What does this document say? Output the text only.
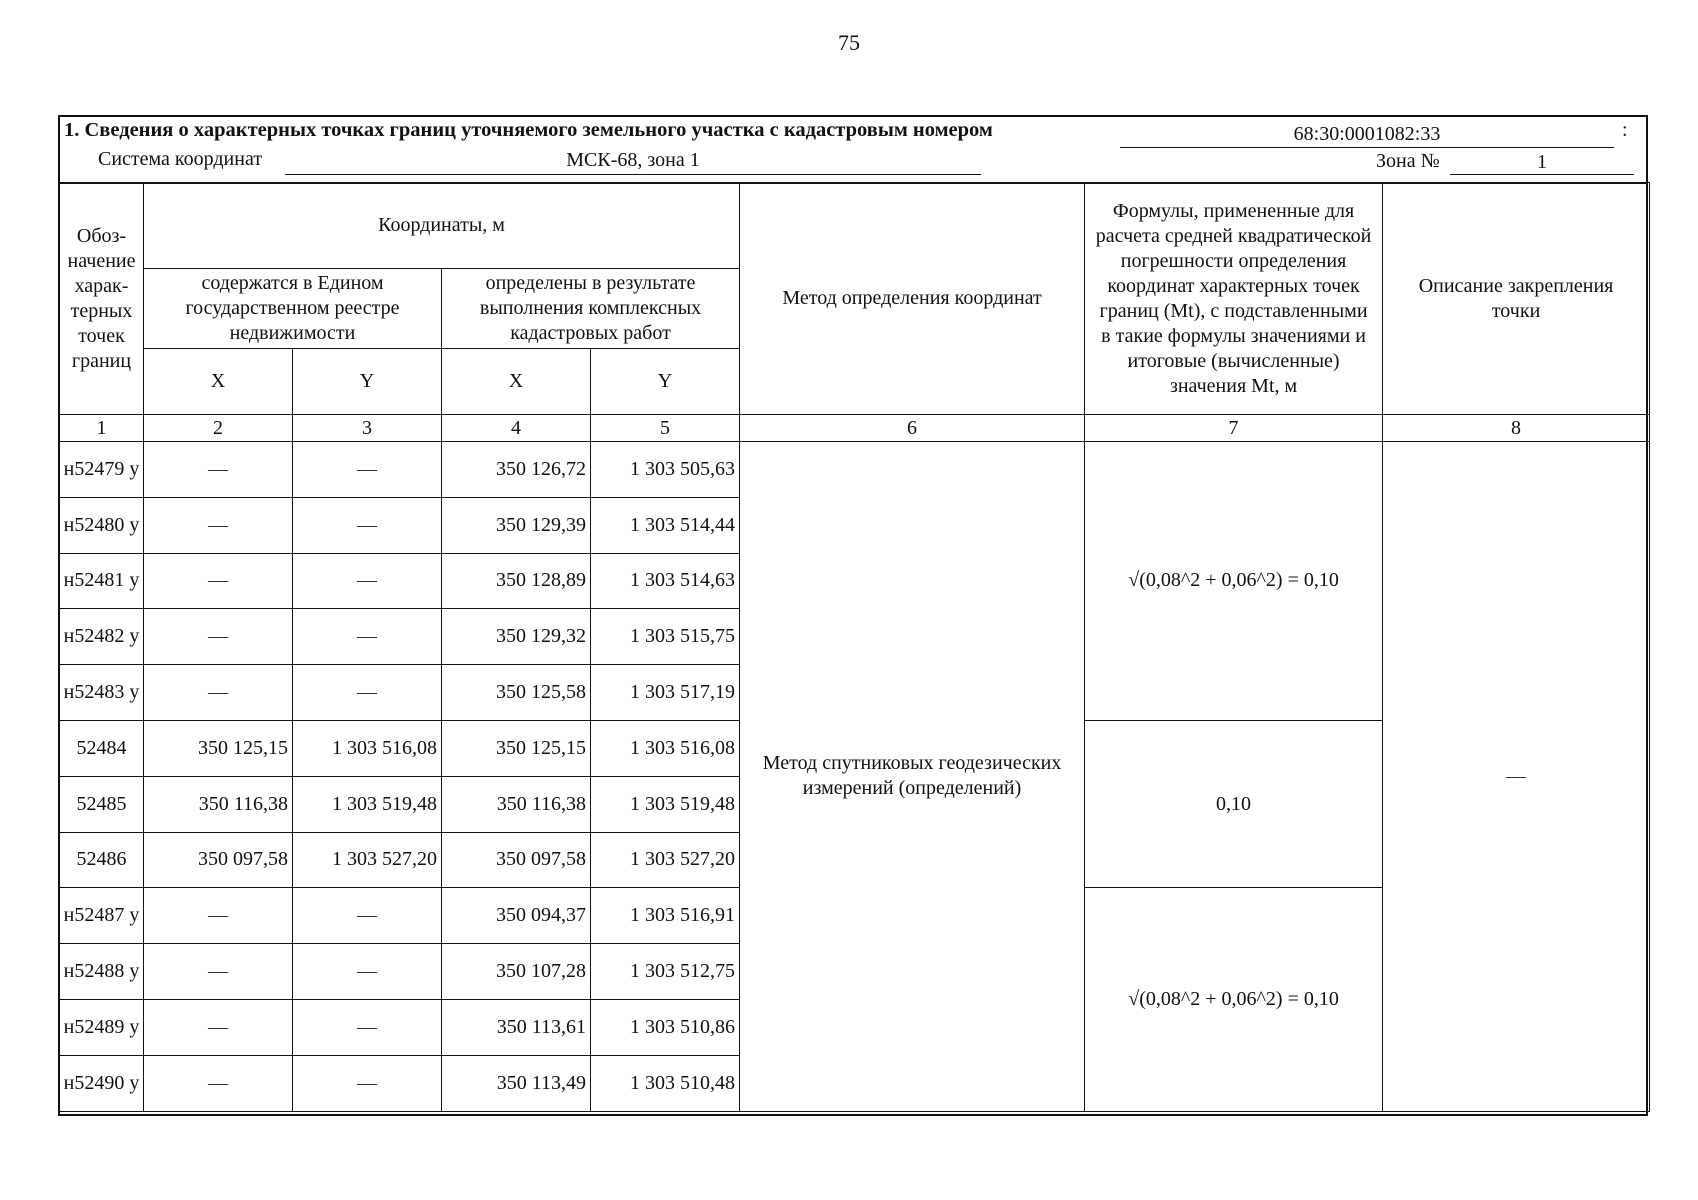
75
1. Сведения о характерных точках границ уточняемого земельного участка с кадастровым номером	68:30:0001082:33	:
Система координат	МСК-68, зона 1	Зона №	1
Обоз-начение харак-терных точек границ	Координаты, м				Метод определения координат	Формулы, примененные для расчета средней квадратической погрешности определения координат характерных точек границ (Mt), с подставленными в такие формулы значениями и итоговые (вычисленные) значения Mt, м	Описание закрепления точки
	содержатся в Едином государственном реестре недвижимости		определены в результате выполнения комплексных кадастровых работ				
	X	Y	X	Y			
1	2	3	4	5	6	7	8
н52479 у	—	—	350 126,72	1 303 505,63	Метод спутниковых геодезических измерений (определений)	√(0,08^2 + 0,06^2) = 0,10	—
н52480 у	—	—	350 129,39	1 303 514,44			
н52481 у	—	—	350 128,89	1 303 514,63			
н52482 у	—	—	350 129,32	1 303 515,75			
н52483 у	—	—	350 125,58	1 303 517,19			
52484	350 125,15	1 303 516,08	350 125,15	1 303 516,08		0,10	
52485	350 116,38	1 303 519,48	350 116,38	1 303 519,48			
52486	350 097,58	1 303 527,20	350 097,58	1 303 527,20			
н52487 у	—	—	350 094,37	1 303 516,91		√(0,08^2 + 0,06^2) = 0,10	
н52488 у	—	—	350 107,28	1 303 512,75			
н52489 у	—	—	350 113,61	1 303 510,86			
н52490 у	—	—	350 113,49	1 303 510,48			
